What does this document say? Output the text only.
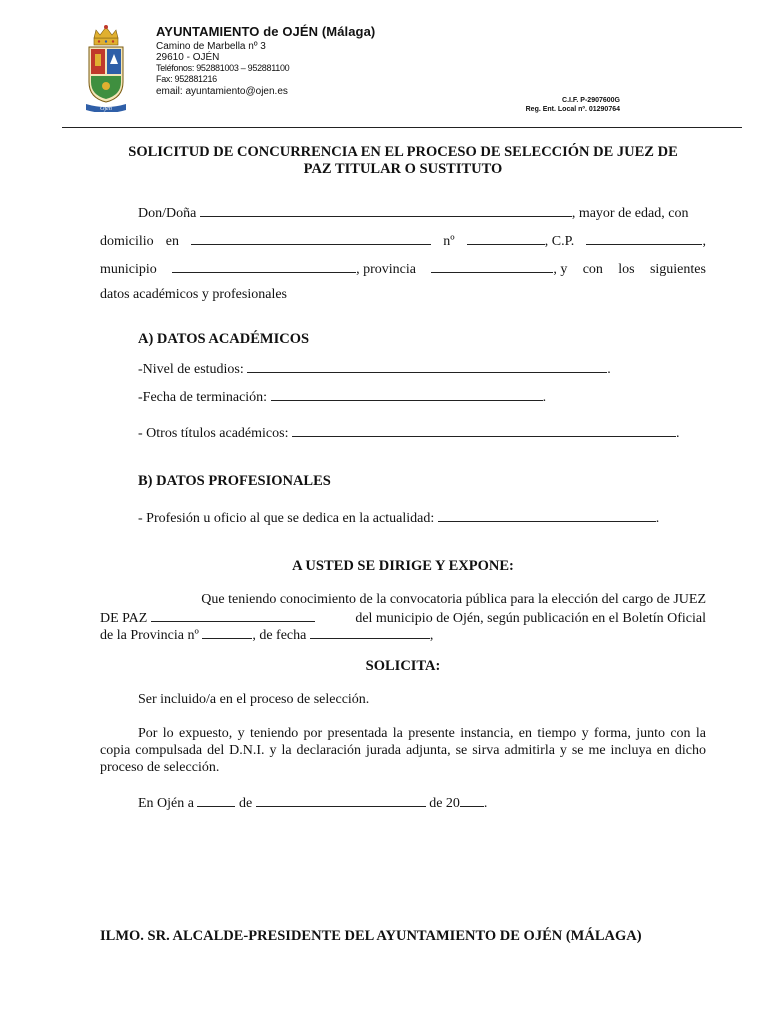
Ojén
AYUNTAMIENTO de OJÉN (Málaga)
Camino de Marbella nº 3
29610 - OJÉN
Teléfonos: 952881003 – 952881100
Fax: 952881216
email: ayuntamiento@ojen.es
C.I.F. P-2907600G
Reg. Ent. Local nº. 01290764
SOLICITUD DE CONCURRENCIA EN EL PROCESO DE SELECCIÓN DE JUEZ DE
PAZ TITULAR O SUSTITUTO
Don/Doña	, mayor de edad, con
domicilio en	nº	, C.P.	,
municipio	, provincia	, y con los siguientes
datos académicos y profesionales
A) DATOS ACADÉMICOS
-Nivel de estudios:	.
-Fecha de terminación:	.
- Otros títulos académicos:	.
B) DATOS PROFESIONALES
- Profesión u oficio al que se dedica en la actualidad:	.
A USTED SE DIRIGE Y EXPONE:
Que teniendo conocimiento de la convocatoria pública para la elección del cargo de JUEZ
DE PAZ	del municipio de Ojén, según publicación en el Boletín Oficial
de la Provincia nº	, de fecha	,
SOLICITA:
Ser incluido/a en el proceso de selección.
Por lo expuesto, y teniendo por presentada la presente instancia, en tiempo y forma, junto con la copia compulsada del D.N.I. y la declaración jurada adjunta, se sirva admitirla y se me incluya en dicho proceso de selección.
En Ojén a	de	de 20 .
ILMO. SR. ALCALDE-PRESIDENTE DEL AYUNTAMIENTO DE OJÉN (MÁLAGA)
